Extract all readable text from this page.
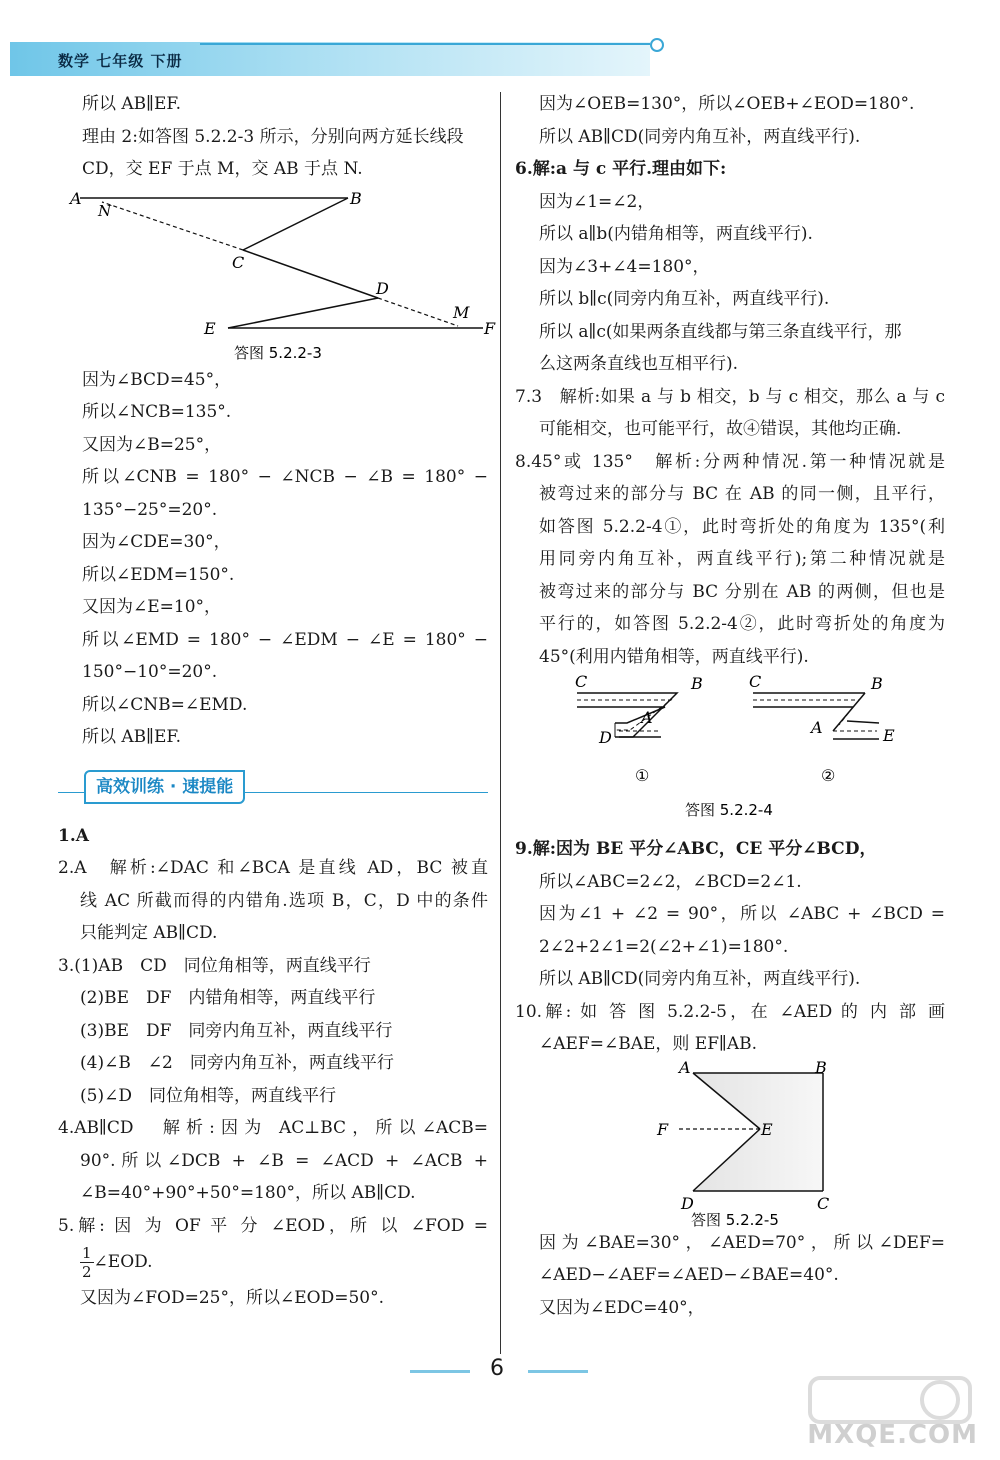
数学 七年级 下册
所以 AB∥EF.
理由 2:如答图 5.2.2-3 所示，分别向两方延长线段
CD，交 EF 于点 M，交 AB 于点 N.
A	B
N
C
D
M
E	F
答图 5.2.2-3
因为∠BCD=45°，
所以∠NCB=135°.
又因为∠B=25°，
所以∠CNB = 180° − ∠NCB − ∠B = 180° −
135°−25°=20°.
因为∠CDE=30°，
所以∠EDM=150°.
又因为∠E=10°，
所以∠EMD = 180° − ∠EDM − ∠E = 180° −
150°−10°=20°.
所以∠CNB=∠EMD.
所以 AB∥EF.
高效训练 · 速提能
1.A
2.A　解析:∠DAC 和∠BCA 是直线 AD，BC 被直
线 AC 所截而得的内错角.选项 B，C，D 中的条件
只能判定 AB∥CD.
3.(1)AB　CD　同位角相等，两直线平行
(2)BE　DF　内错角相等，两直线平行
(3)BE　DF　同旁内角互补，两直线平行
(4)∠B　∠2　同旁内角互补，两直线平行
(5)∠D　同位角相等，两直线平行
4.AB∥CD　解析:因为 AC⊥BC，所以∠ACB=
90°.所以∠DCB + ∠B = ∠ACD + ∠ACB +
∠B=40°+90°+50°=180°，所以 AB∥CD.
5.解: 因 为 OF 平 分 ∠EOD，所 以 ∠FOD =
$\frac{1}{2}$ ∠EOD.
又因为∠FOD=25°，所以∠EOD=50°.
因为∠OEB=130°，所以∠OEB+∠EOD=180°.
所以 AB∥CD(同旁内角互补，两直线平行).
6.解:a 与 c 平行.理由如下:
因为∠1=∠2，
所以 a∥b(内错角相等，两直线平行).
因为∠3+∠4=180°，
所以 b∥c(同旁内角互补，两直线平行).
所以 a∥c(如果两条直线都与第三条直线平行，那
么这两条直线也互相平行).
7.3　解析:如果 a 与 b 相交，b 与 c 相交，那么 a 与 c
可能相交，也可能平行，故④错误，其他均正确.
8.45°或 135°　解析:分两种情况.第一种情况就是
被弯过来的部分与 BC 在 AB 的同一侧，且平行，
如答图 5.2.2-4①，此时弯折处的角度为 135°(利
用同旁内角互补，两直线平行);第二种情况就是
被弯过来的部分与 BC 分别在 AB 的两侧，但也是
平行的，如答图 5.2.2-4②，此时弯折处的角度为
45°(利用内错角相等，两直线平行).
C	B
A
D
①
C	B
A	E
②
答图 5.2.2-4
9.解:因为 BE 平分∠ABC，CE 平分∠BCD，
所以∠ABC=2∠2，∠BCD=2∠1.
因为∠1 + ∠2 = 90°，所以 ∠ABC + ∠BCD =
2∠2+2∠1=2(∠2+∠1)=180°.
所以 AB∥CD(同旁内角互补，两直线平行).
10.解: 如 答 图 5.2.2-5，在 ∠AED 的 内 部 画
∠AEF=∠BAE，则 EF∥AB.
A	B
F	E
D	C
答图 5.2.2-5
因为∠BAE=30°，∠AED=70°，所以∠DEF=
∠AED−∠AEF=∠AED−∠BAE=40°.
又因为∠EDC=40°，
6
MXQE.COM
